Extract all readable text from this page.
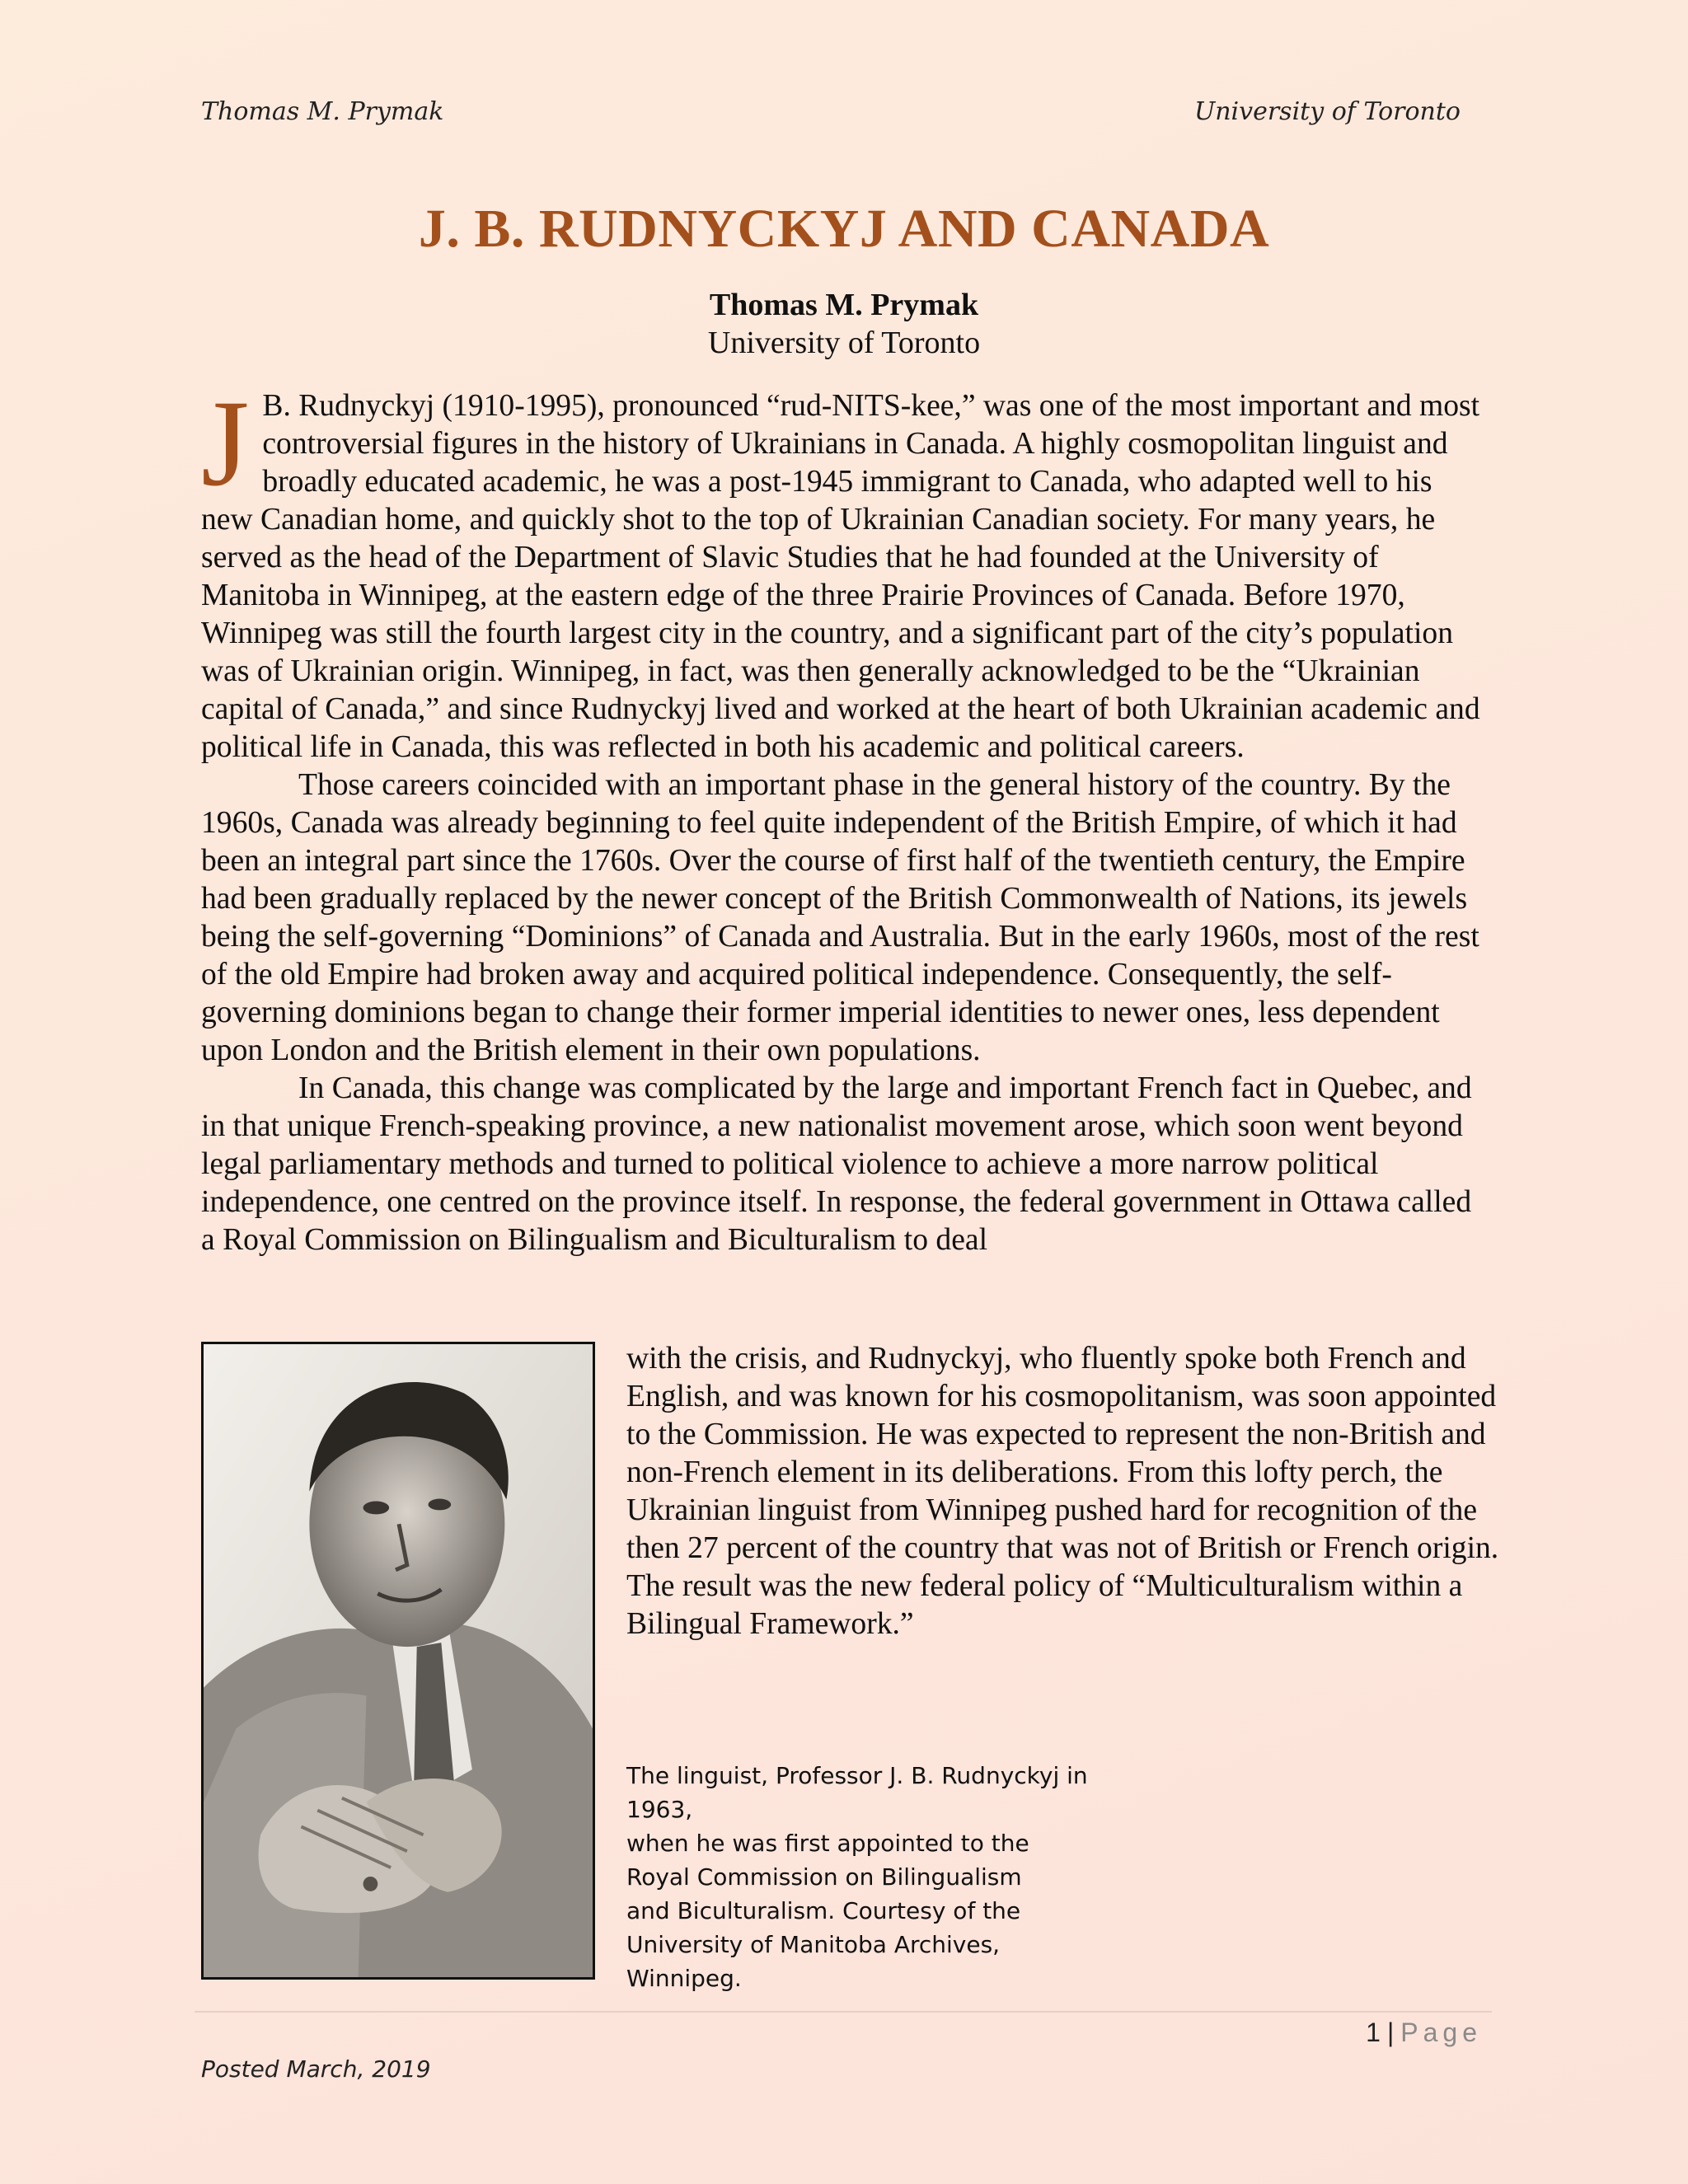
Thomas M. Prymak	University of Toronto
J. B. RUDNYCKYJ AND CANADA
Thomas M. Prymak
University of Toronto

J B. Rudnyckyj (1910-1995), pronounced “rud-NITS-kee,” was one of the most important and most controversial figures in the history of Ukrainians in Canada. A highly cosmopolitan linguist and broadly educated academic, he was a post-1945 immigrant to Canada, who adapted well to his new Canadian home, and quickly shot to the top of Ukrainian Canadian society. For many years, he served as the head of the Department of Slavic Studies that he had founded at the University of Manitoba in Winnipeg, at the eastern edge of the three Prairie Provinces of Canada. Before 1970, Winnipeg was still the fourth largest city in the country, and a significant part of the city’s population was of Ukrainian origin. Winnipeg, in fact, was then generally acknowledged to be the “Ukrainian capital of Canada,” and since Rudnyckyj lived and worked at the heart of both Ukrainian academic and political life in Canada, this was reflected in both his academic and political careers.

Those careers coincided with an important phase in the general history of the country. By the 1960s, Canada was already beginning to feel quite independent of the British Empire, of which it had been an integral part since the 1760s. Over the course of first half of the twentieth century, the Empire had been gradually replaced by the newer concept of the British Commonwealth of Nations, its jewels being the self-governing “Dominions” of Canada and Australia. But in the early 1960s, most of the rest of the old Empire had broken away and acquired political independence. Consequently, the self-governing dominions began to change their former imperial identities to newer ones, less dependent upon London and the British element in their own populations.

In Canada, this change was complicated by the large and important French fact in Quebec, and in that unique French-speaking province, a new nationalist movement arose, which soon went beyond legal parliamentary methods and turned to political violence to achieve a more narrow political independence, one centred on the province itself. In response, the federal government in Ottawa called a Royal Commission on Bilingualism and Biculturalism to deal

with the crisis, and Rudnyckyj, who fluently spoke both French and English, and was known for his cosmopolitanism, was soon appointed to the Commission. He was expected to represent the non-British and non-French element in its deliberations. From this lofty perch, the Ukrainian linguist from Winnipeg pushed hard for recognition of the then 27 percent of the country that was not of British or French origin. The result was the new federal policy of “Multiculturalism within a Bilingual Framework.”

The linguist, Professor J. B. Rudnyckyj in 1963,
when he was first appointed to the
Royal Commission on Bilingualism
and Biculturalism. Courtesy of the
University of Manitoba Archives,
Winnipeg.

1 | Page
Posted March, 2019
